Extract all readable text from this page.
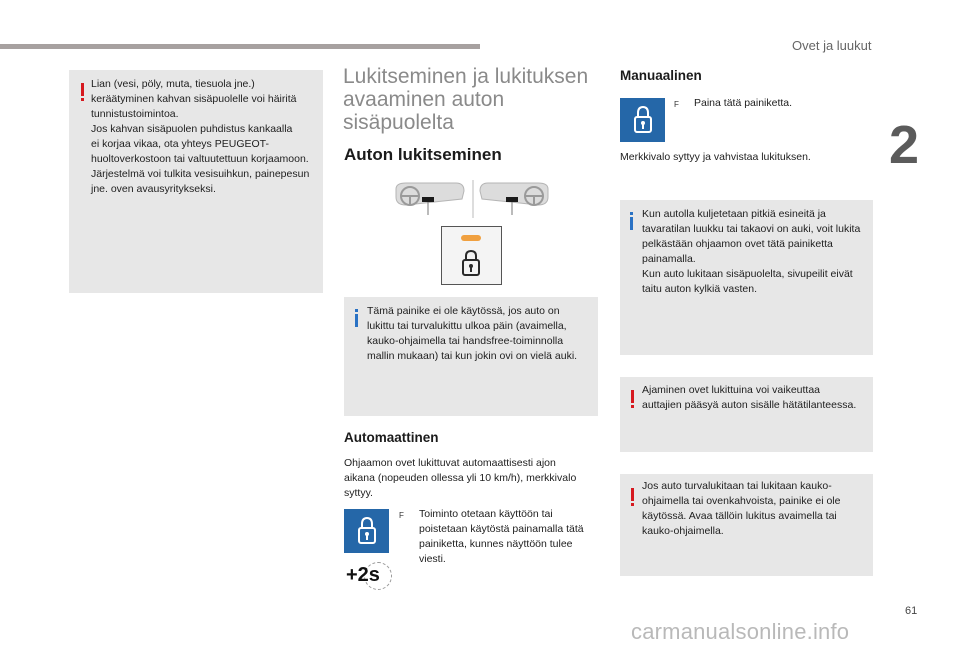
Ovet ja luukut
2
61
carmanualsonline.info
Lian (vesi, pöly, muta, tiesuola jne.)
keräätyminen kahvan sisäpuolelle voi häiritä
tunnistustoimintoa.
Jos kahvan sisäpuolen puhdistus kankaalla
ei korjaa vikaa, ota yhteys PEUGEOT-
huoltoverkostoon tai valtuutettuun korjaamoon.
Järjestelmä voi tulkita vesisuihkun, painepesun
jne. oven avausyritykseksi.
Lukitseminen ja lukituksen
avaaminen auton
sisäpuolelta
Auton lukitseminen
Tämä painike ei ole käytössä, jos auto on
lukittu tai turvalukittu ulkoa päin (avaimella,
kauko-ohjaimella tai handsfree-toiminnolla
mallin mukaan) tai kun jokin ovi on vielä auki.
Automaattinen
Ohjaamon ovet lukittuvat automaattisesti ajon
aikana (nopeuden ollessa yli 10 km/h), merkkivalo
syttyy.
+2s
F Toiminto otetaan käyttöön tai
poistetaan käytöstä painamalla tätä
painiketta, kunnes näyttöön tulee
viesti.
Manuaalinen
F Paina tätä painiketta.
Merkkivalo syttyy ja vahvistaa lukituksen.
Kun autolla kuljetetaan pitkiä esineitä ja
tavaratilan luukku tai takaovi on auki, voit lukita
pelkästään ohjaamon ovet tätä painiketta
painamalla.
Kun auto lukitaan sisäpuolelta, sivupeilit eivät
taitu auton kylkiä vasten.
Ajaminen ovet lukittuina voi vaikeuttaa
auttajien pääsyä auton sisälle hätätilanteessa.
Jos auto turvalukitaan tai lukitaan kauko-
ohjaimella tai ovenkahvoista, painike ei ole
käytössä. Avaa tällöin lukitus avaimella tai
kauko-ohjaimella.
